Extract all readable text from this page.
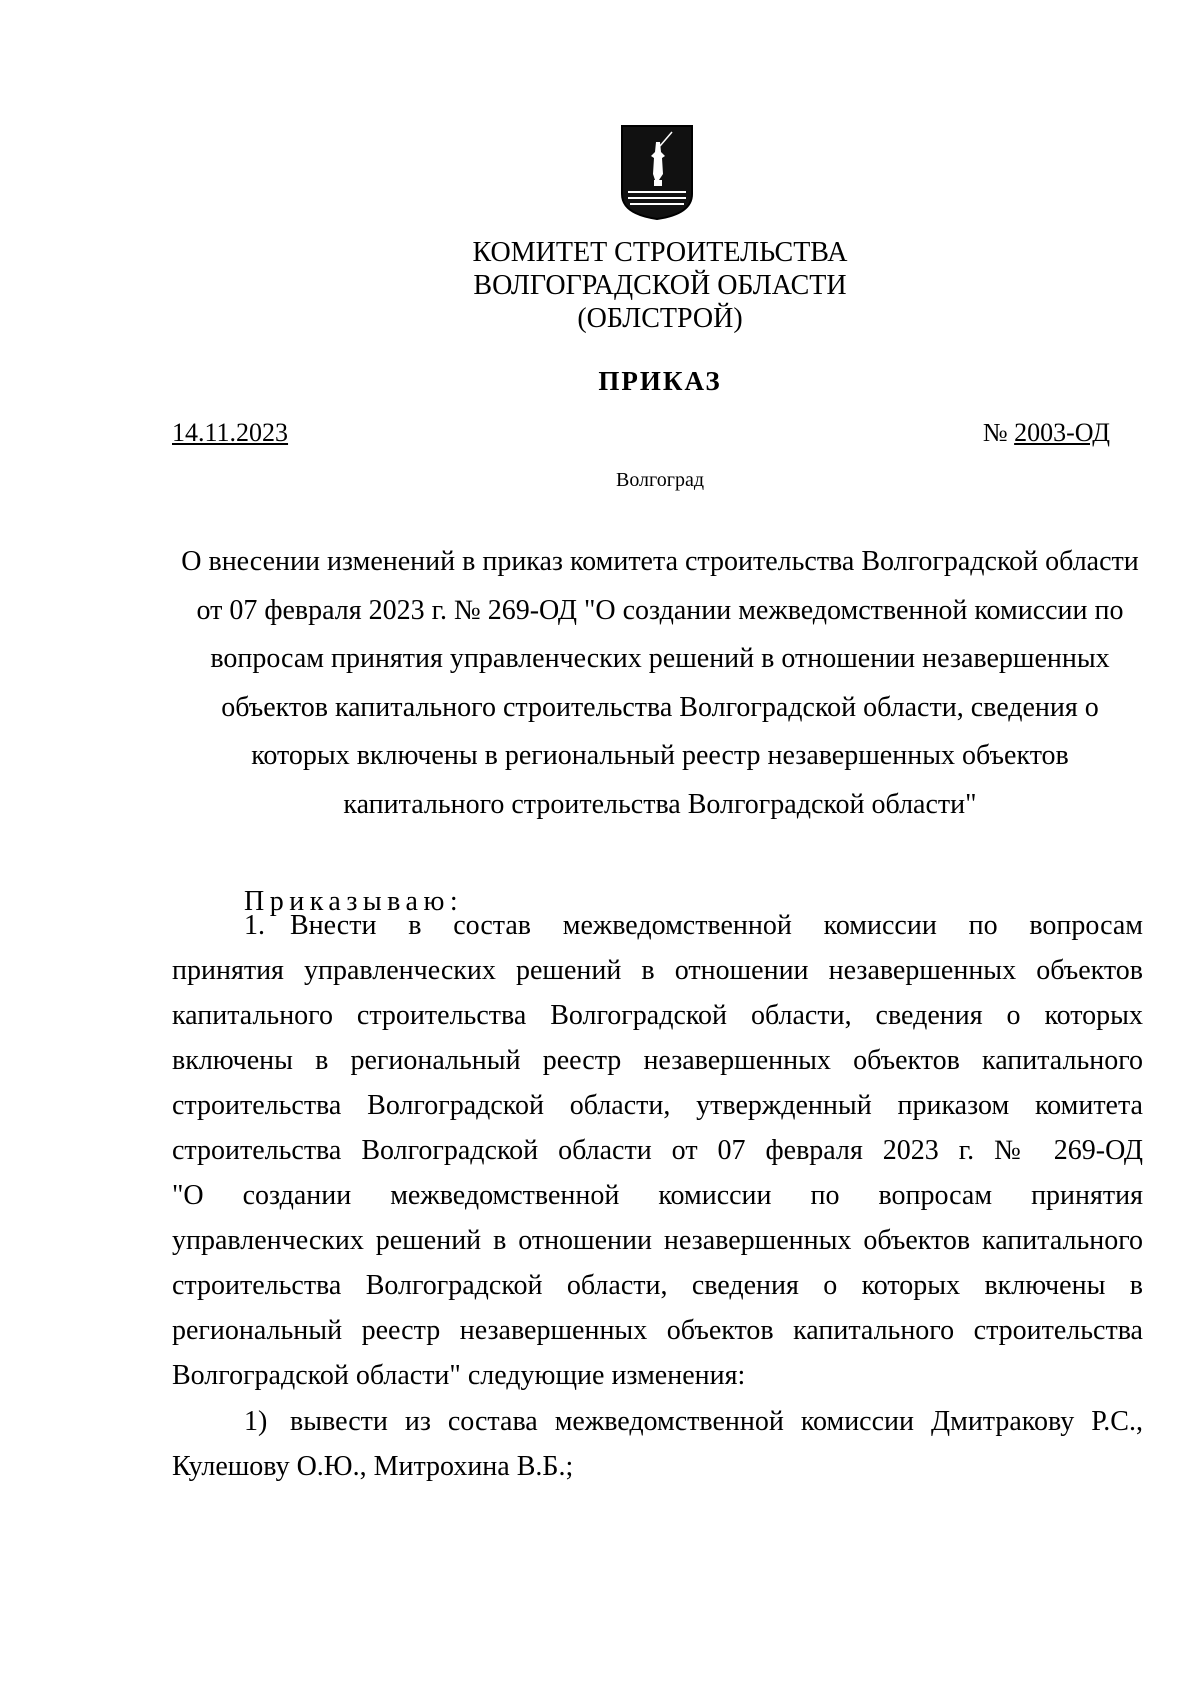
КОМИТЕТ СТРОИТЕЛЬСТВА
ВОЛГОГРАДСКОЙ ОБЛАСТИ
(ОБЛСТРОЙ)
ПРИКАЗ
14.11.2023	№ 2003-ОД
Волгоград
О внесении изменений в приказ комитета строительства Волгоградской области
от 07 февраля 2023 г. № 269-ОД "О создании межведомственной комиссии по
вопросам принятия управленческих решений в отношении незавершенных
объектов капитального строительства Волгоградской области, сведения о
которых включены в региональный реестр незавершенных объектов
капитального строительства Волгоградской области"
Приказываю:
1. Внести в состав межведомственной комиссии по вопросам
принятия управленческих решений в отношении незавершенных объектов
капитального строительства Волгоградской области, сведения о которых
включены в региональный реестр незавершенных объектов капитального
строительства Волгоградской области, утвержденный приказом комитета
строительства Волгоградской области от 07 февраля 2023 г. № 269-ОД
"О создании межведомственной комиссии по вопросам принятия
управленческих решений в отношении незавершенных объектов капитального
строительства Волгоградской области, сведения о которых включены в
региональный реестр незавершенных объектов капитального строительства
Волгоградской области" следующие изменения:
1) вывести из состава межведомственной комиссии Дмитракову Р.С.,
Кулешову О.Ю., Митрохина В.Б.;
